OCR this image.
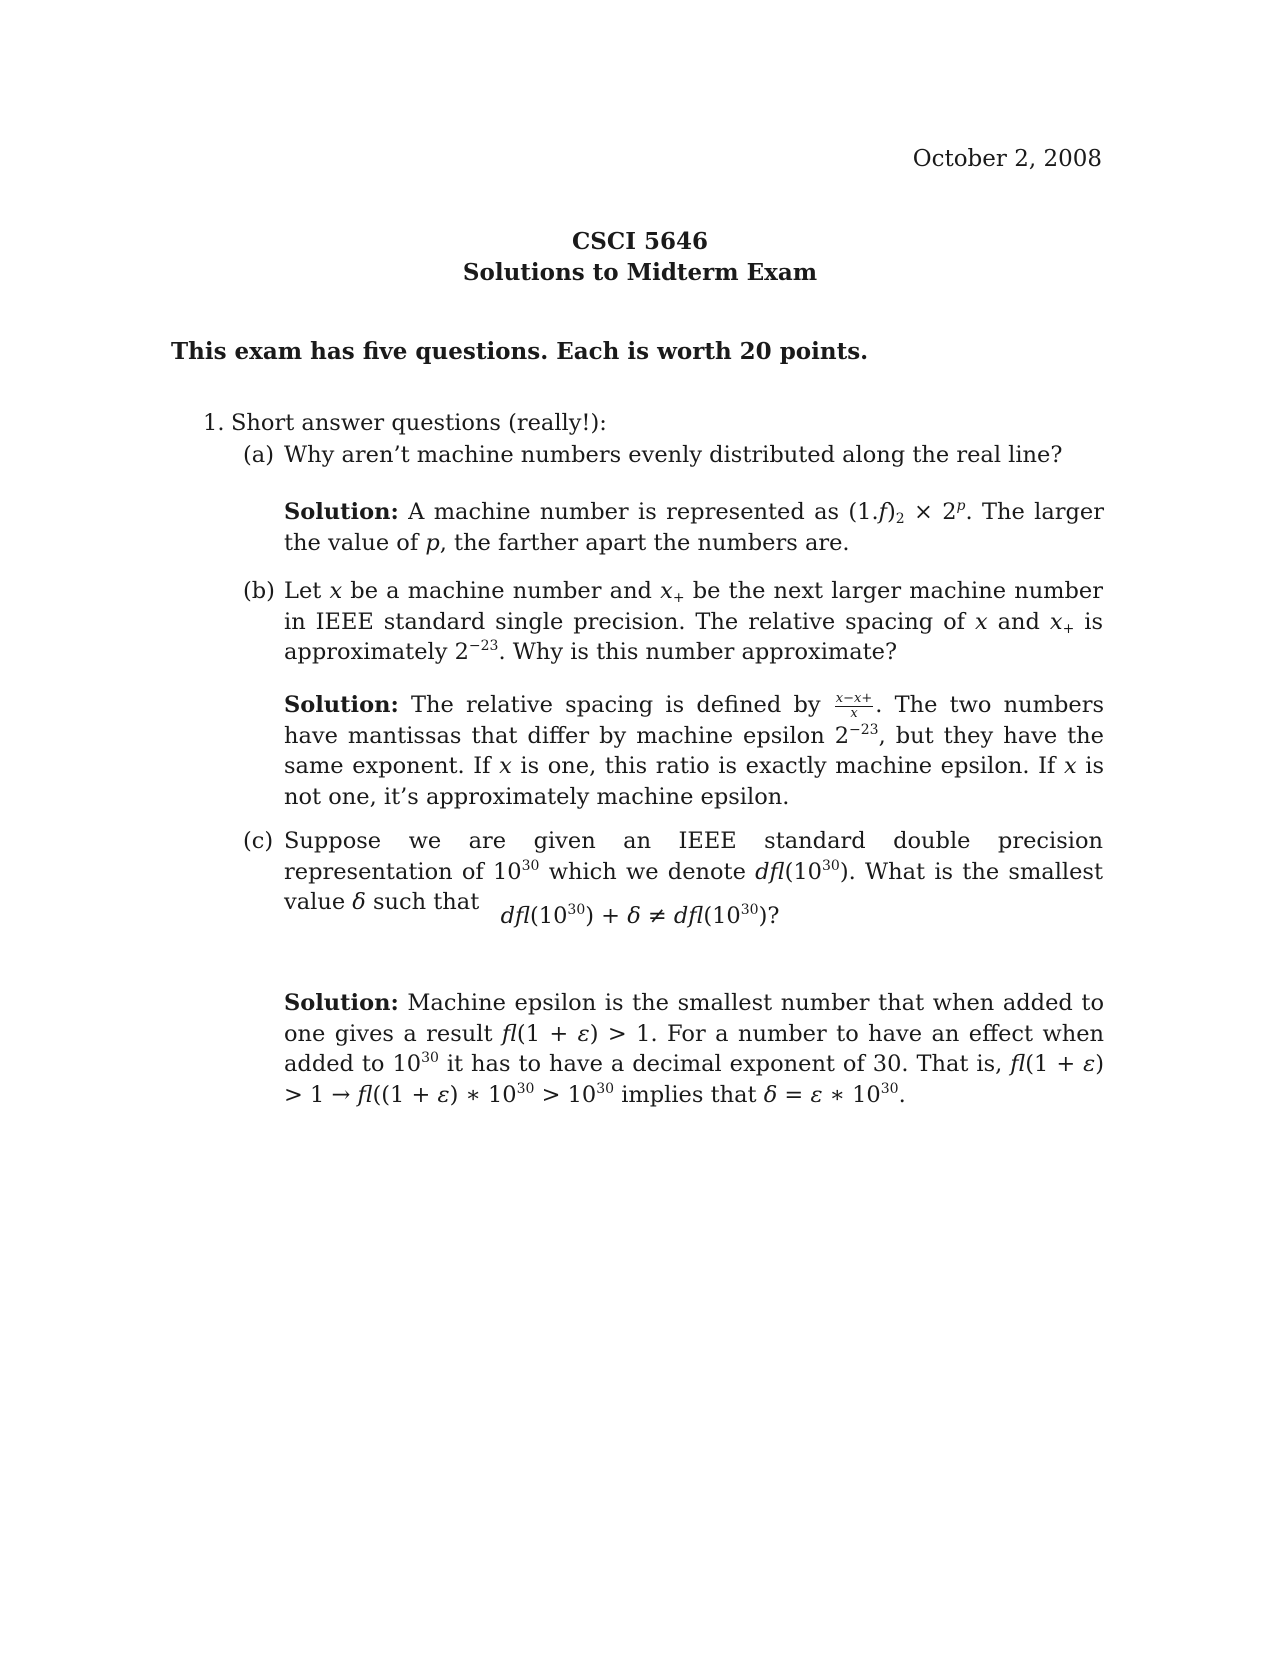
October 2, 2008
CSCI 5646
Solutions to Midterm Exam
This exam has five questions. Each is worth 20 points.
1. Short answer questions (really!):
(a) Why aren’t machine numbers evenly distributed along the real line?
Solution: A machine number is represented as $(1.f)_2 \times 2^p$. The larger the value of p, the farther apart the numbers are.
(b) Let x be a machine number and $x_+$ be the next larger machine number in IEEE standard single precision. The relative spacing of x and $x_+$ is approximately $2^{-23}$. Why is this number approximate?
Solution: The relative spacing is defined by $\frac{x-x+}{x}$ . The two numbers have mantissas that differ by machine epsilon $2^{-23}$, but they have the same exponent. If x is one, this ratio is exactly machine epsilon. If x is not one, it’s approximately machine epsilon.
(c) Suppose we are given an IEEE standard double precision representation of $10^{30}$ which we denote $dfl(10^{30})$. What is the smallest value δ such that
$dfl(10^{30}) + \delta \ne dfl(10^{30})$?
Solution: Machine epsilon is the smallest number that when added to one gives a result fl(1 + ε) > 1. For a number to have an effect when added to $10^{30}$ it has to have a decimal exponent of 30. That is, fl(1 + ε) > 1 → fl((1 + ε) ∗ $10^{30} > 10^{30}$ implies that δ = ε ∗ $10^{30}$.
